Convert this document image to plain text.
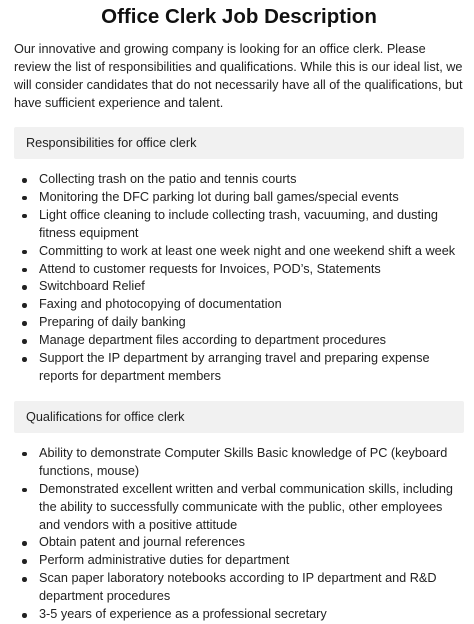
Office Clerk Job Description

Our innovative and growing company is looking for an office clerk. Please review the list of responsibilities and qualifications. While this is our ideal list, we will consider candidates that do not necessarily have all of the qualifications, but have sufficient experience and talent.

Responsibilities for office clerk
Collecting trash on the patio and tennis courts
Monitoring the DFC parking lot during ball games/special events
Light office cleaning to include collecting trash, vacuuming, and dusting fitness equipment
Committing to work at least one week night and one weekend shift a week
Attend to customer requests for Invoices, POD’s, Statements
Switchboard Relief
Faxing and photocopying of documentation
Preparing of daily banking
Manage department files according to department procedures
Support the IP department by arranging travel and preparing expense reports for department members
Qualifications for office clerk
Ability to demonstrate Computer Skills Basic knowledge of PC (keyboard functions, mouse)
Demonstrated excellent written and verbal communication skills, including the ability to successfully communicate with the public, other employees and vendors with a positive attitude
Obtain patent and journal references
Perform administrative duties for department
Scan paper laboratory notebooks according to IP department and R&D department procedures
3-5 years of experience as a professional secretary
